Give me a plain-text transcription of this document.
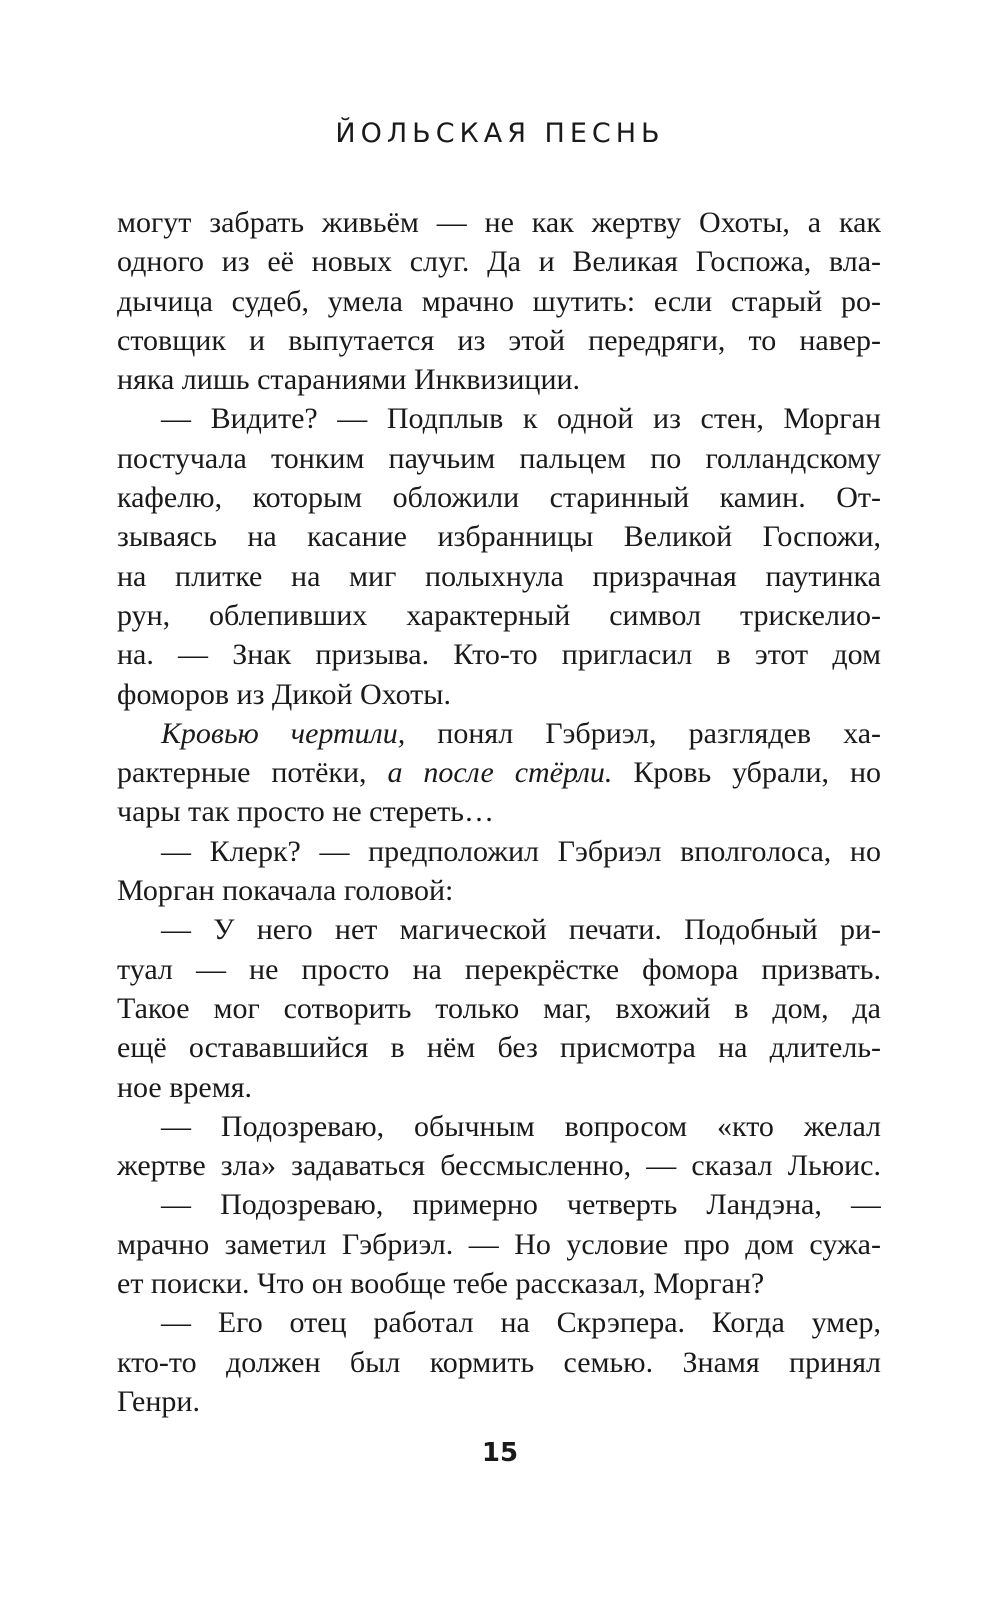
ЙОЛЬСКАЯ ПЕСНЬ
могут забрать живьём — не как жертву Охоты, а как
одного из её новых слуг. Да и Великая Госпожа, вла-
дычица судеб, умела мрачно шутить: если старый ро-
стовщик и выпутается из этой передряги, то навер-
няка лишь стараниями Инквизиции.
— Видите? — Подплыв к одной из стен, Морган
постучала тонким паучьим пальцем по голландскому
кафелю, которым обложили старинный камин. От-
зываясь на касание избранницы Великой Госпожи,
на плитке на миг полыхнула призрачная паутинка
рун, облепивших характерный символ трискелио-
на. — Знак призыва. Кто-то пригласил в этот дом
фоморов из Дикой Охоты.
Кровью чертили, понял Гэбриэл, разглядев ха-
рактерные потёки, а после стёрли. Кровь убрали, но
чары так просто не стереть…
— Клерк? — предположил Гэбриэл вполголоса, но
Морган покачала головой:
— У него нет магической печати. Подобный ри-
туал — не просто на перекрёстке фомора призвать.
Такое мог сотворить только маг, вхожий в дом, да
ещё остававшийся в нём без присмотра на длитель-
ное время.
— Подозреваю, обычным вопросом «кто желал
жертве зла» задаваться бессмысленно, — сказал Льюис.
— Подозреваю, примерно четверть Ландэна, —
мрачно заметил Гэбриэл. — Но условие про дом сужа-
ет поиски. Что он вообще тебе рассказал, Морган?
— Его отец работал на Скрэпера. Когда умер,
кто-то должен был кормить семью. Знамя принял
Генри.
15
